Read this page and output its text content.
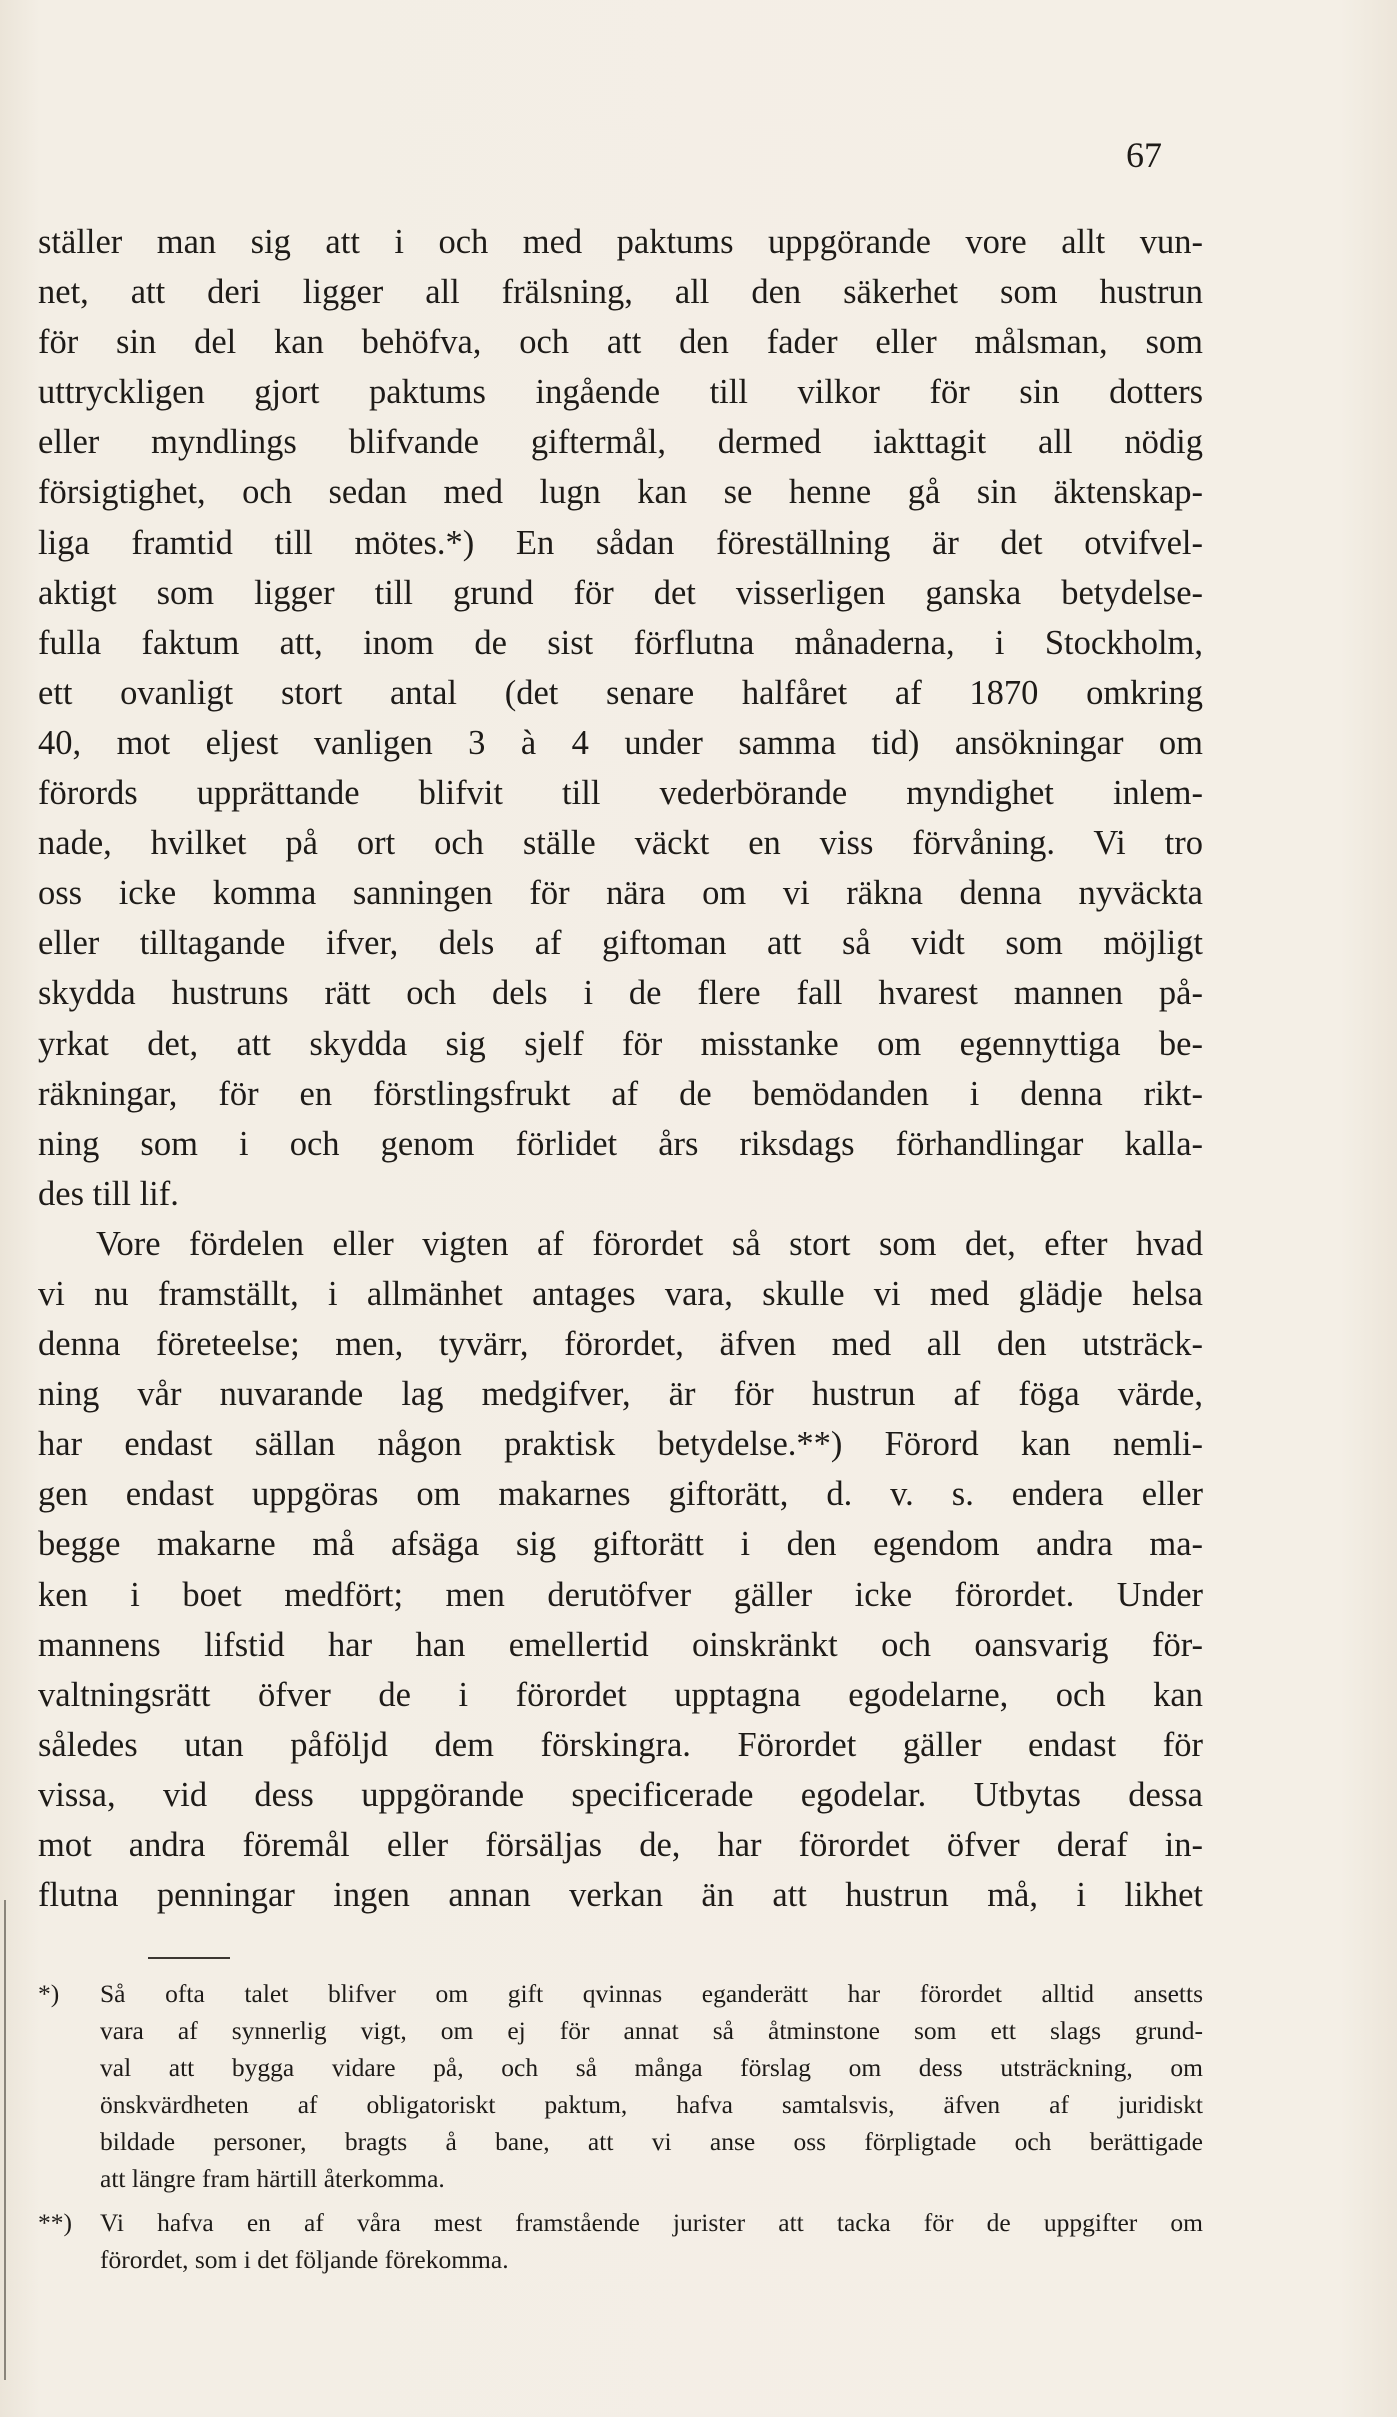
67
ställer man sig att i och med paktums uppgörande vore allt vun-
net, att deri ligger all frälsning, all den säkerhet som hustrun
för sin del kan behöfva, och att den fader eller målsman, som
uttryckligen gjort paktums ingående till vilkor för sin dotters
eller myndlings blifvande giftermål, dermed iakttagit all nödig
försigtighet, och sedan med lugn kan se henne gå sin äktenskap-
liga framtid till mötes.*) En sådan föreställning är det otvifvel-
aktigt som ligger till grund för det visserligen ganska betydelse-
fulla faktum att, inom de sist förflutna månaderna, i Stockholm,
ett ovanligt stort antal (det senare halfåret af 1870 omkring
40, mot eljest vanligen 3 à 4 under samma tid) ansökningar om
förords upprättande blifvit till vederbörande myndighet inlem-
nade, hvilket på ort och ställe väckt en viss förvåning. Vi tro
oss icke komma sanningen för nära om vi räkna denna nyväckta
eller tilltagande ifver, dels af giftoman att så vidt som möjligt
skydda hustruns rätt och dels i de flere fall hvarest mannen på-
yrkat det, att skydda sig sjelf för misstanke om egennyttiga be-
räkningar, för en förstlingsfrukt af de bemödanden i denna rikt-
ning som i och genom förlidet års riksdags förhandlingar kalla-
des till lif.
Vore fördelen eller vigten af förordet så stort som det, efter hvad
vi nu framställt, i allmänhet antages vara, skulle vi med glädje helsa
denna företeelse; men, tyvärr, förordet, äfven med all den utsträck-
ning vår nuvarande lag medgifver, är för hustrun af föga värde,
har endast sällan någon praktisk betydelse.**) Förord kan nemli-
gen endast uppgöras om makarnes giftorätt, d. v. s. endera eller
begge makarne må afsäga sig giftorätt i den egendom andra ma-
ken i boet medfört; men derutöfver gäller icke förordet. Under
mannens lifstid har han emellertid oinskränkt och oansvarig för-
valtningsrätt öfver de i förordet upptagna egodelarne, och kan
således utan påföljd dem förskingra. Förordet gäller endast för
vissa, vid dess uppgörande specificerade egodelar. Utbytas dessa
mot andra föremål eller försäljas de, har förordet öfver deraf in-
flutna penningar ingen annan verkan än att hustrun må, i likhet
*) Så ofta talet blifver om gift qvinnas eganderätt har förordet alltid ansetts
vara af synnerlig vigt, om ej för annat så åtminstone som ett slags grund-
val att bygga vidare på, och så många förslag om dess utsträckning, om
önskvärdheten af obligatoriskt paktum, hafva samtalsvis, äfven af juridiskt
bildade personer, bragts å bane, att vi anse oss förpligtade och berättigade
att längre fram härtill återkomma.
**) Vi hafva en af våra mest framstående jurister att tacka för de uppgifter om
förordet, som i det följande förekomma.
